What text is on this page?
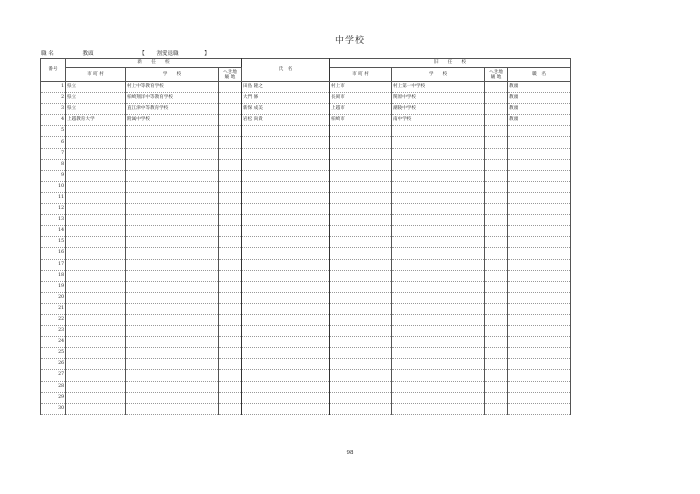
中学校
職 名	教頭	【 割愛退職	】
番号	新　　任　　校			氏　名	旧　　任　　校			
	市 町 村	学　　校	へき地
級 地		市 町 村	学　　校	へき地
級 地	職　名
1	県立	村上中等教育学校		田島 隆之	村上市	村上第一中学校		教頭
2	県立	柏崎翔洋中等教育学校		大門 修	長岡市	関原中学校		教頭
3	県立	直江津中等教育学校		新保 成美	上越市	潮陵中学校		教頭
4	上越教育大学	附属中学校		岩松 尚貴	柏崎市	南中学校		教頭
5								
6								
7								
8								
9								
10								
11								
12								
13								
14								
15								
16								
17								
18								
19								
20								
21								
22								
23								
24								
25								
26								
27								
28								
29								
30								
98
